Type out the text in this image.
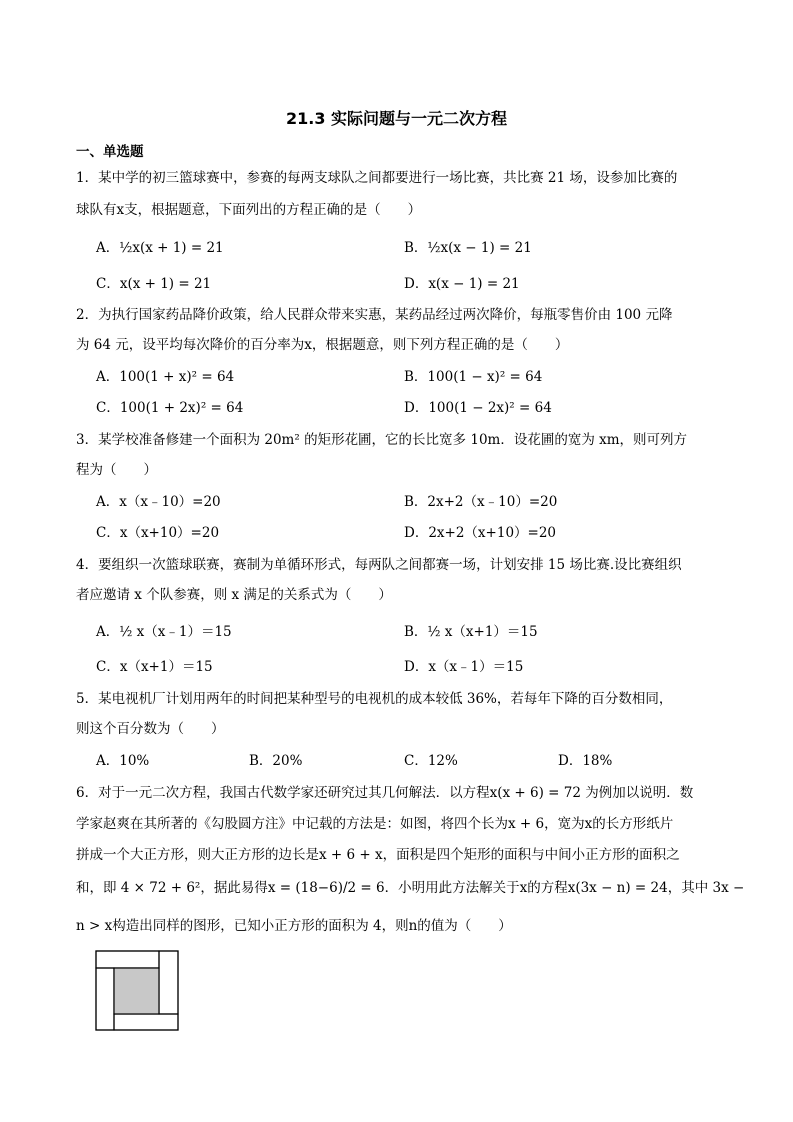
21.3 实际问题与一元二次方程
一、单选题
1．某中学的初三篮球赛中，参赛的每两支球队之间都要进行一场比赛，共比赛 21 场，设参加比赛的
球队有x支，根据题意，下面列出的方程正确的是（　　）
A．½x(x + 1) = 21	B．½x(x − 1) = 21
C．x(x + 1) = 21	D．x(x − 1) = 21
2．为执行国家药品降价政策，给人民群众带来实惠，某药品经过两次降价，每瓶零售价由 100 元降
为 64 元，设平均每次降价的百分率为x，根据题意，则下列方程正确的是（　　）
A．100(1 + x)² = 64	B．100(1 − x)² = 64
C．100(1 + 2x)² = 64	D．100(1 − 2x)² = 64
3．某学校准备修建一个面积为 20m² 的矩形花圃，它的长比宽多 10m．设花圃的宽为 xm，则可列方
程为（　　）
A．x（x﹣10）=20	B．2x+2（x﹣10）=20
C．x（x+10）=20	D．2x+2（x+10）=20
4．要组织一次篮球联赛，赛制为单循环形式，每两队之间都赛一场，计划安排 15 场比赛.设比赛组织
者应邀请 x 个队参赛，则 x 满足的关系式为（　　）
A．½ x（x﹣1）＝15	B．½ x（x+1）＝15
C．x（x+1）＝15	D．x（x﹣1）＝15
5．某电视机厂计划用两年的时间把某种型号的电视机的成本较低 36%，若每年下降的百分数相同，
则这个百分数为（　　）
A．10%	B．20%	C．12%	D．18%
6．对于一元二次方程，我国古代数学家还研究过其几何解法．以方程x(x + 6) = 72 为例加以说明．数
学家赵爽在其所著的《勾股圆方注》中记载的方法是：如图，将四个长为x + 6，宽为x的长方形纸片
拼成一个大正方形，则大正方形的边长是x + 6 + x，面积是四个矩形的面积与中间小正方形的面积之
和，即 4 × 72 + 6²，据此易得x = (18−6)/2 = 6．小明用此方法解关于x的方程x(3x − n) = 24，其中 3x −
n > x构造出同样的图形，已知小正方形的面积为 4，则n的值为（　　）
